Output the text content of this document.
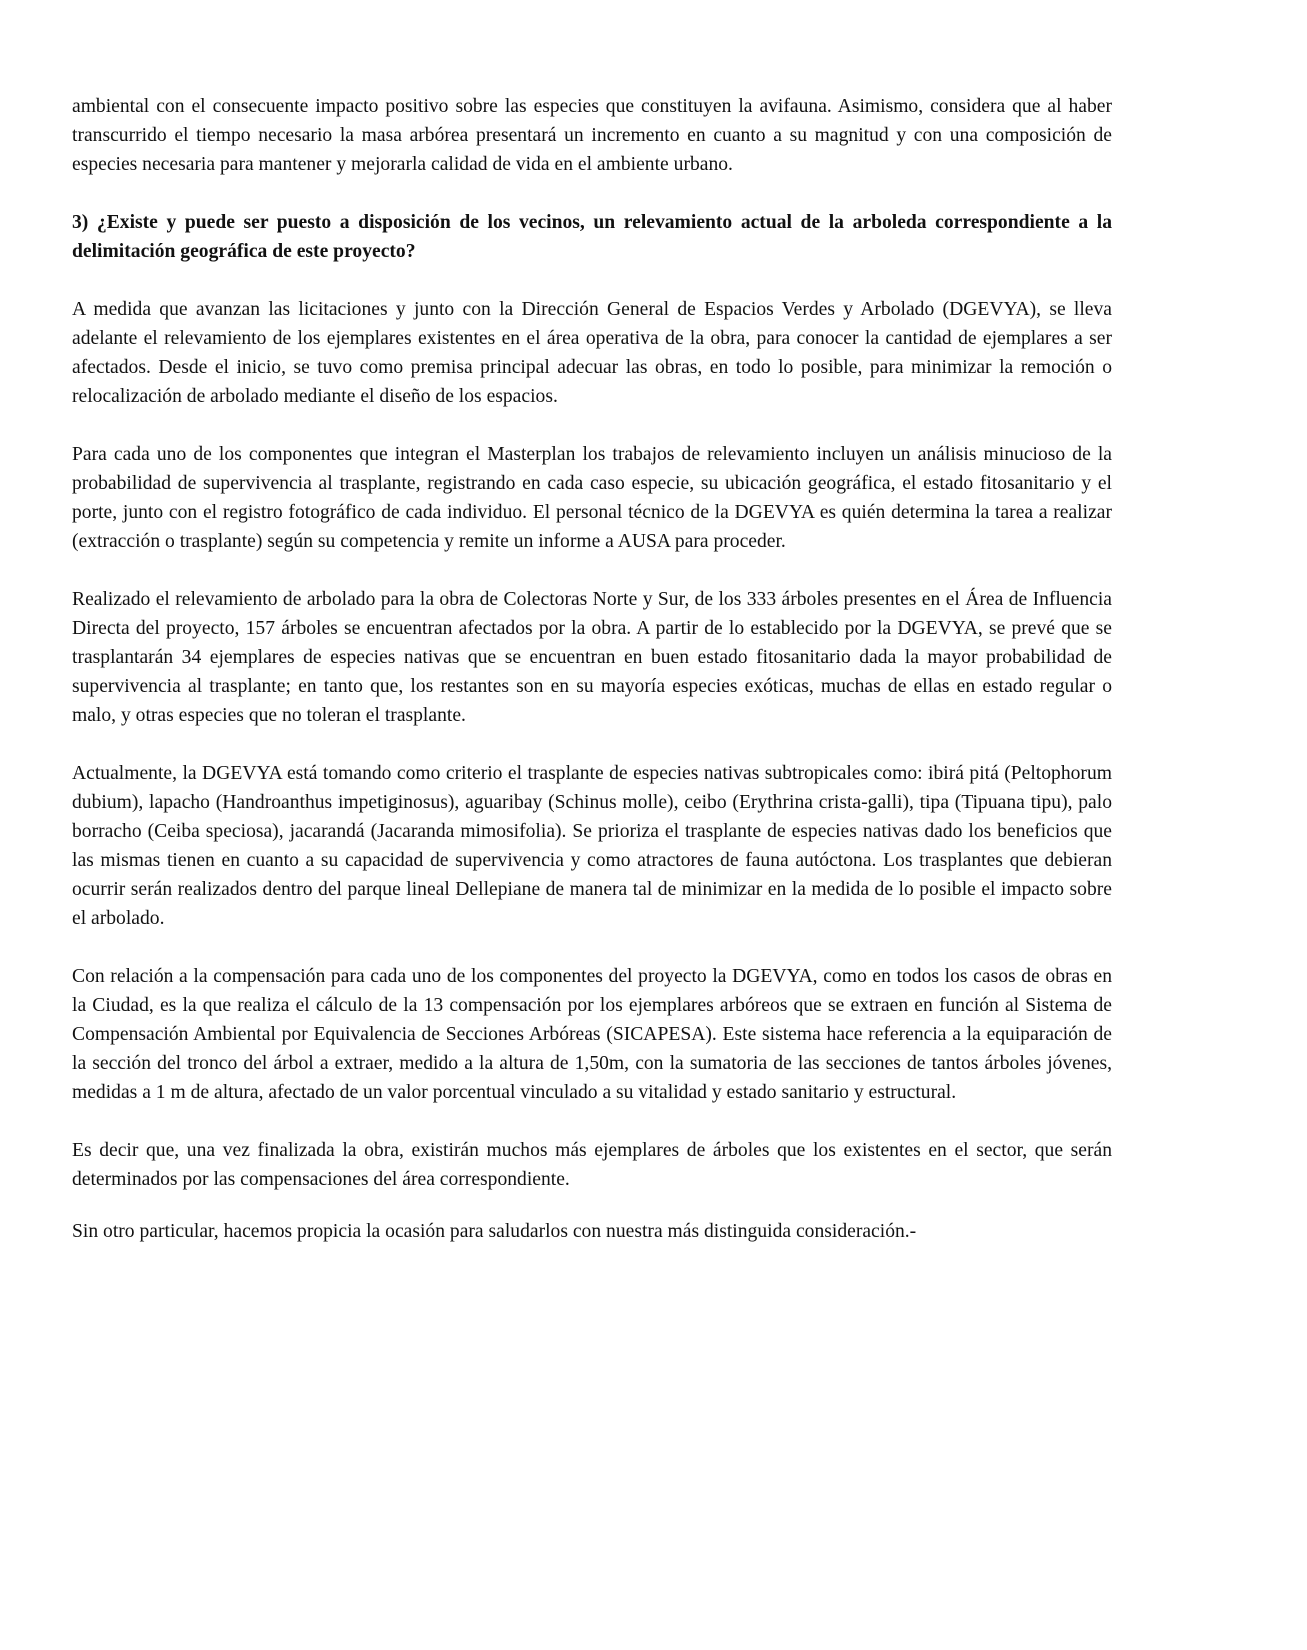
ambiental con el consecuente impacto positivo sobre las especies que constituyen la avifauna. Asimismo, considera que al haber transcurrido el tiempo necesario la masa arbórea presentará un incremento en cuanto a su magnitud y con una composición de especies necesaria para mantener y mejorarla calidad de vida en el ambiente urbano.

3) ¿Existe y puede ser puesto a disposición de los vecinos, un relevamiento actual de la arboleda correspondiente a la delimitación geográfica de este proyecto?

A medida que avanzan las licitaciones y junto con la Dirección General de Espacios Verdes y Arbolado (DGEVYA), se lleva adelante el relevamiento de los ejemplares existentes en el área operativa de la obra, para conocer la cantidad de ejemplares a ser afectados. Desde el inicio, se tuvo como premisa principal adecuar las obras, en todo lo posible, para minimizar la remoción o relocalización de arbolado mediante el diseño de los espacios.

Para cada uno de los componentes que integran el Masterplan los trabajos de relevamiento incluyen un análisis minucioso de la probabilidad de supervivencia al trasplante, registrando en cada caso especie, su ubicación geográfica, el estado fitosanitario y el porte, junto con el registro fotográfico de cada individuo. El personal técnico de la DGEVYA es quién determina la tarea a realizar (extracción o trasplante) según su competencia y remite un informe a AUSA para proceder.

Realizado el relevamiento de arbolado para la obra de Colectoras Norte y Sur, de los 333 árboles presentes en el Área de Influencia Directa del proyecto, 157 árboles se encuentran afectados por la obra. A partir de lo establecido por la DGEVYA, se prevé que se trasplantarán 34 ejemplares de especies nativas que se encuentran en buen estado fitosanitario dada la mayor probabilidad de supervivencia al trasplante; en tanto que, los restantes son en su mayoría especies exóticas, muchas de ellas en estado regular o malo, y otras especies que no toleran el trasplante.

Actualmente, la DGEVYA está tomando como criterio el trasplante de especies nativas subtropicales como: ibirá pitá (Peltophorum dubium), lapacho (Handroanthus impetiginosus), aguaribay (Schinus molle), ceibo (Erythrina crista-galli), tipa (Tipuana tipu), palo borracho (Ceiba speciosa), jacarandá (Jacaranda mimosifolia). Se prioriza el trasplante de especies nativas dado los beneficios que las mismas tienen en cuanto a su capacidad de supervivencia y como atractores de fauna autóctona. Los trasplantes que debieran ocurrir serán realizados dentro del parque lineal Dellepiane de manera tal de minimizar en la medida de lo posible el impacto sobre el arbolado.

Con relación a la compensación para cada uno de los componentes del proyecto la DGEVYA, como en todos los casos de obras en la Ciudad, es la que realiza el cálculo de la 13 compensación por los ejemplares arbóreos que se extraen en función al Sistema de Compensación Ambiental por Equivalencia de Secciones Arbóreas (SICAPESA). Este sistema hace referencia a la equiparación de la sección del tronco del árbol a extraer, medido a la altura de 1,50m, con la sumatoria de las secciones de tantos árboles jóvenes, medidas a 1 m de altura, afectado de un valor porcentual vinculado a su vitalidad y estado sanitario y estructural.

Es decir que, una vez finalizada la obra, existirán muchos más ejemplares de árboles que los existentes en el sector, que serán determinados por las compensaciones del área correspondiente.

Sin otro particular, hacemos propicia la ocasión para saludarlos con nuestra más distinguida consideración.-
